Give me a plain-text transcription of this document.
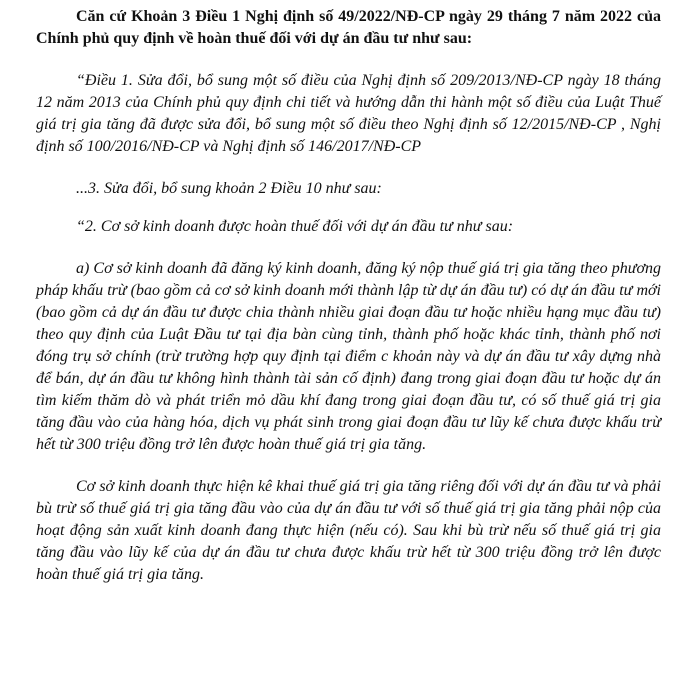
Căn cứ Khoản 3 Điều 1 Nghị định số 49/2022/NĐ-CP ngày 29 tháng 7 năm 2022 của Chính phủ quy định về hoàn thuế đối với dự án đầu tư như sau:

“Điều 1. Sửa đổi, bổ sung một số điều của Nghị định số 209/2013/NĐ-CP ngày 18 tháng 12 năm 2013 của Chính phủ quy định chi tiết và hướng dẫn thi hành một số điều của Luật Thuế giá trị gia tăng đã được sửa đổi, bổ sung một số điều theo Nghị định số 12/2015/NĐ-CP , Nghị định số 100/2016/NĐ-CP và Nghị định số 146/2017/NĐ-CP

...3. Sửa đổi, bổ sung khoản 2 Điều 10 như sau:

“2. Cơ sở kinh doanh được hoàn thuế đối với dự án đầu tư như sau:

a) Cơ sở kinh doanh đã đăng ký kinh doanh, đăng ký nộp thuế giá trị gia tăng theo phương pháp khấu trừ (bao gồm cả cơ sở kinh doanh mới thành lập từ dự án đầu tư) có dự án đầu tư mới (bao gồm cả dự án đầu tư được chia thành nhiều giai đoạn đầu tư hoặc nhiều hạng mục đầu tư) theo quy định của Luật Đầu tư tại địa bàn cùng tỉnh, thành phố hoặc khác tỉnh, thành phố nơi đóng trụ sở chính (trừ trường hợp quy định tại điểm c khoản này và dự án đầu tư xây dựng nhà để bán, dự án đầu tư không hình thành tài sản cố định) đang trong giai đoạn đầu tư hoặc dự án tìm kiếm thăm dò và phát triển mỏ dầu khí đang trong giai đoạn đầu tư, có số thuế giá trị gia tăng đầu vào của hàng hóa, dịch vụ phát sinh trong giai đoạn đầu tư lũy kế chưa được khấu trừ hết từ 300 triệu đồng trở lên được hoàn thuế giá trị gia tăng.

Cơ sở kinh doanh thực hiện kê khai thuế giá trị gia tăng riêng đối với dự án đầu tư và phải bù trừ số thuế giá trị gia tăng đầu vào của dự án đầu tư với số thuế giá trị gia tăng phải nộp của hoạt động sản xuất kinh doanh đang thực hiện (nếu có). Sau khi bù trừ nếu số thuế giá trị gia tăng đầu vào lũy kế của dự án đầu tư chưa được khấu trừ hết từ 300 triệu đồng trở lên được hoàn thuế giá trị gia tăng.
